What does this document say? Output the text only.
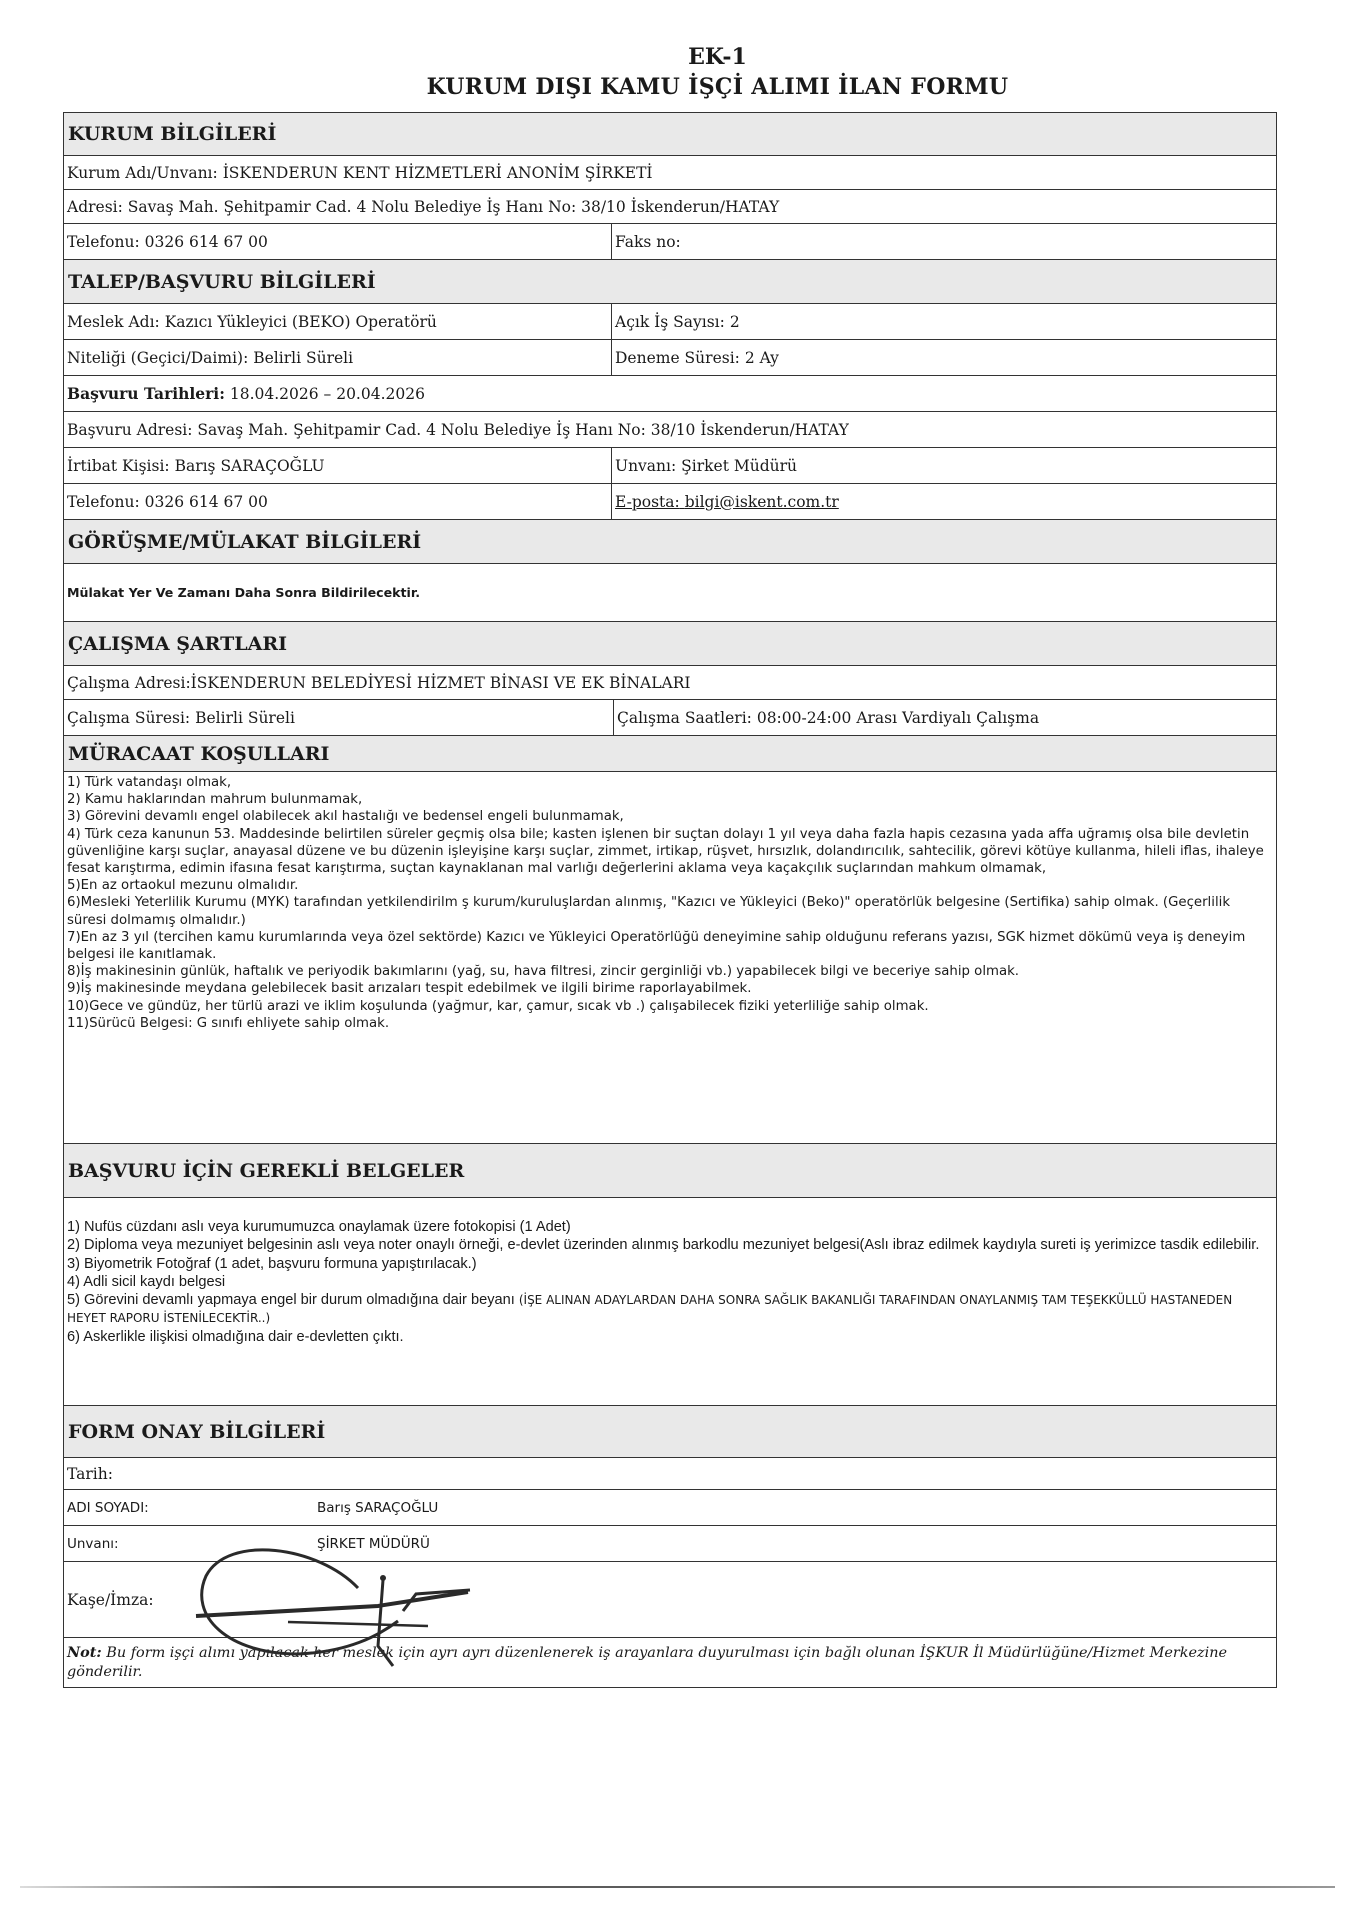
EK-1
KURUM DIŞI KAMU İŞÇİ ALIMI İLAN FORMU
KURUM BİLGİLERİ
Kurum Adı/Unvanı:
İSKENDERUN KENT HİZMETLERİ ANONİM ŞİRKETİ
Adresi:
Savaş Mah. Şehitpamir Cad. 4 Nolu Belediye İş Hanı No: 38/10 İskenderun/HATAY
Telefonu:
0326 614 67 00	Faks no:

TALEP/BAŞVURU BİLGİLERİ
Meslek Adı:
Kazıcı Yükleyici (BEKO) Operatörü	Açık İş Sayısı:
2
Niteliği (Geçici/Daimi):
Belirli Süreli	Deneme Süresi:
2 Ay
Başvuru Tarihleri:
18.04.2026 – 20.04.2026
Başvuru Adresi:
Savaş Mah. Şehitpamir Cad. 4 Nolu Belediye İş Hanı No: 38/10 İskenderun/HATAY
İrtibat Kişisi:
Barış SARAÇOĞLU	Unvanı:
Şirket Müdürü
Telefonu:
0326 614 67 00	E-posta:
bilgi@iskent.com.tr
GÖRÜŞME/MÜLAKAT BİLGİLERİ
Mülakat Yer Ve Zamanı Daha Sonra Bildirilecektir.
ÇALIŞMA ŞARTLARI
Çalışma Adresi: İSKENDERUN BELEDİYESİ HİZMET BİNASI VE EK BİNALARI
Çalışma Süresi:
Belirli Süreli	Çalışma Saatleri:
08:00-24:00 Arası Vardiyalı Çalışma
MÜRACAAT KOŞULLARI
1) Türk vatandaşı olmak,
2) Kamu haklarından mahrum bulunmamak,
3) Görevini devamlı engel olabilecek akıl hastalığı ve bedensel engeli bulunmamak,
4) Türk ceza kanunun 53. Maddesinde belirtilen süreler geçmiş olsa bile; kasten işlenen bir suçtan dolayı 1 yıl veya daha fazla hapis cezasına yada affa uğramış olsa bile devletin güvenliğine karşı suçlar, anayasal düzene ve bu düzenin işleyişine karşı suçlar, zimmet, irtikap, rüşvet, hırsızlık, dolandırıcılık, sahtecilik, görevi kötüye kullanma, hileli iflas, ihaleye fesat karıştırma, edimin ifasına fesat karıştırma, suçtan kaynaklanan mal varlığı değerlerini aklama veya kaçakçılık suçlarından mahkum olmamak,
5)En az ortaokul mezunu olmalıdır.
6)Mesleki Yeterlilik Kurumu (MYK) tarafından yetkilendirilm ş kurum/kuruluşlardan alınmış, "Kazıcı ve Yükleyici (Beko)" operatörlük belgesine (Sertifika) sahip olmak. (Geçerlilik süresi dolmamış olmalıdır.)
7)En az 3 yıl (tercihen kamu kurumlarında veya özel sektörde) Kazıcı ve Yükleyici Operatörlüğü deneyimine sahip olduğunu referans yazısı, SGK hizmet dökümü veya iş deneyim belgesi ile kanıtlamak.
8)İş makinesinin günlük, haftalık ve periyodik bakımlarını (yağ, su, hava filtresi, zincir gerginliği vb.) yapabilecek bilgi ve beceriye sahip olmak.
9)İş makinesinde meydana gelebilecek basit arızaları tespit edebilmek ve ilgili birime raporlayabilmek.
10)Gece ve gündüz, her türlü arazi ve iklim koşulunda (yağmur, kar, çamur, sıcak vb .) çalışabilecek fiziki yeterliliğe sahip olmak.
11)Sürücü Belgesi: G sınıfı ehliyete sahip olmak.
BAŞVURU İÇİN GEREKLİ BELGELER
1) Nufüs cüzdanı aslı veya kurumumuzca onaylamak üzere fotokopisi (1 Adet)
2) Diploma veya mezuniyet belgesinin aslı veya noter onaylı örneği, e-devlet üzerinden alınmış barkodlu mezuniyet belgesi(Aslı ibraz edilmek kaydıyla sureti iş yerimizce tasdik edilebilir.
3) Biyometrik Fotoğraf (1 adet, başvuru formuna yapıştırılacak.)
4) Adli sicil kaydı belgesi
5) Görevini devamlı yapmaya engel bir durum olmadığına dair beyanı (İŞE ALINAN ADAYLARDAN DAHA SONRA SAĞLIK BAKANLIĞI TARAFINDAN ONAYLANMIŞ TAM TEŞEKKÜLLÜ HASTANEDEN HEYET RAPORU İSTENİLECEKTİR..)
6) Askerlikle ilişkisi olmadığına dair e-devletten çıktı.
FORM ONAY BİLGİLERİ
Tarih:

ADI SOYADI:	Barış SARAÇOĞLU
Unvanı:	ŞİRKET MÜDÜRÜ
Kaşe/İmza:
Not: Bu form işçi alımı yapılacak her meslek için ayrı ayrı düzenlenerek iş arayanlara duyurulması için bağlı olunan İŞKUR İl Müdürlüğüne/Hizmet Merkezine gönderilir.
